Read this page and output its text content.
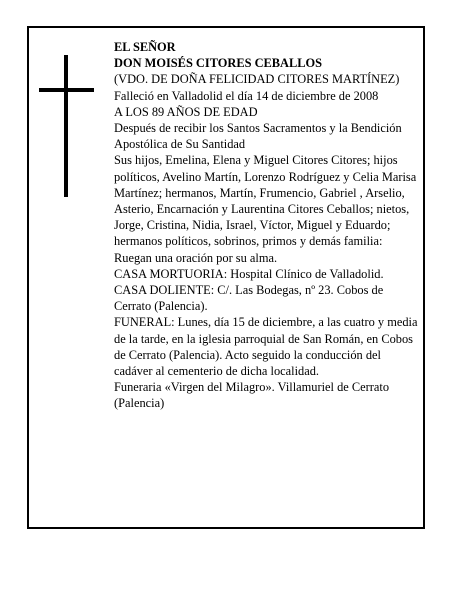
EL SEÑOR

DON MOISÉS CITORES CEBALLOS

(VDO. DE DOÑA FELICIDAD CITORES MARTÍNEZ)

Falleció en Valladolid el día 14 de diciembre de 2008

A LOS 89 AÑOS DE EDAD

Después de recibir los Santos Sacramentos y la Bendición Apostólica de Su Santidad

Sus hijos, Emelina, Elena y Miguel Citores Citores; hijos políticos, Avelino Martín, Lorenzo Rodríguez y Celia Marisa Martínez; hermanos, Martín, Frumencio, Gabriel , Arselio, Asterio, Encarnación y Laurentina Citores Ceballos; nietos, Jorge, Cristina, Nidia, Israel, Víctor, Miguel y Eduardo; hermanos políticos, sobrinos, primos y demás familia:

Ruegan una oración por su alma.

CASA MORTUORIA: Hospital Clínico de Valladolid.

CASA DOLIENTE: C/. Las Bodegas, nº 23. Cobos de Cerrato (Palencia).

FUNERAL: Lunes, día 15 de diciembre, a las cuatro y media de la tarde, en la iglesia parroquial de San Román, en Cobos de Cerrato (Palencia). Acto seguido la conducción del cadáver al cementerio de dicha localidad.

Funeraria «Virgen del Milagro». Villamuriel de Cerrato (Palencia)
